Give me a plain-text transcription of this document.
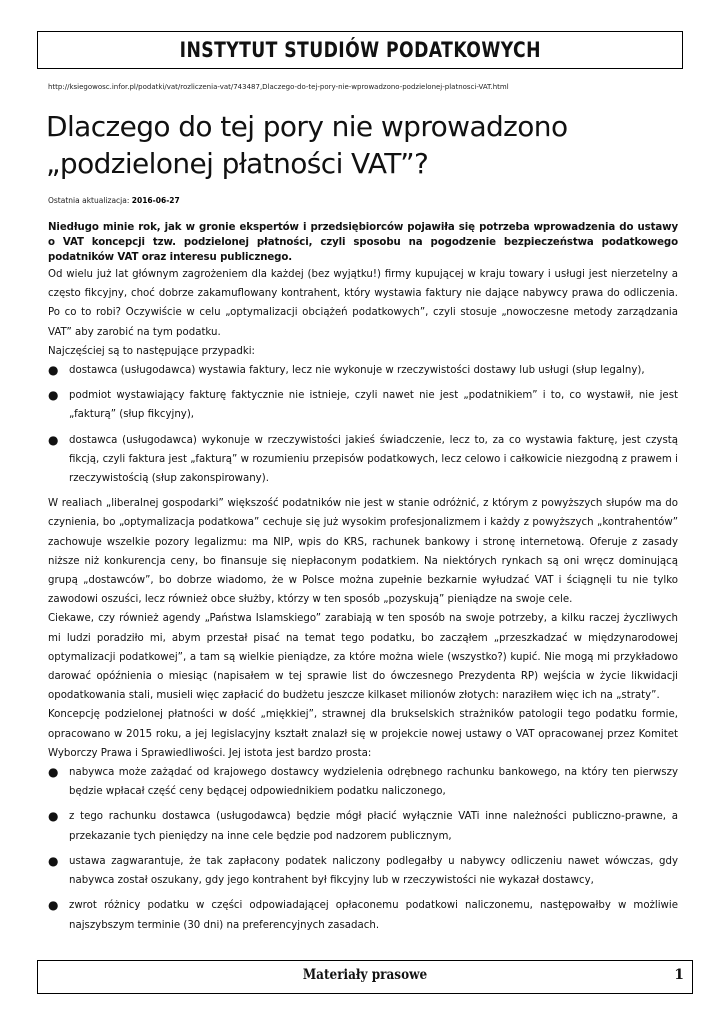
INSTYTUT STUDIÓW PODATKOWYCH
http://ksiegowosc.infor.pl/podatki/vat/rozliczenia-vat/743487,Dlaczego-do-tej-pory-nie-wprowadzono-podzielonej-platnosci-VAT.html
Dlaczego do tej pory nie wprowadzono
„podzielonej płatności VAT”?
Ostatnia aktualizacja: 2016-06-27

Niedługo minie rok, jak w gronie ekspertów i przedsiębiorców pojawiła się potrzeba wprowadzenia do ustawy o VAT koncepcji tzw. podzielonej płatności, czyli sposobu na pogodzenie bezpieczeństwa podatkowego podatników VAT oraz interesu publicznego.

Od wielu już lat głównym zagrożeniem dla każdej (bez wyjątku!) firmy kupującej w kraju towary i usługi jest nierzetelny a często fikcyjny, choć dobrze zakamuflowany kontrahent, który wystawia faktury nie dające nabywcy prawa do odliczenia. Po co to robi? Oczywiście w celu „optymalizacji obciążeń podatkowych”, czyli stosuje „nowoczesne metody zarządzania VAT” aby zarobić na tym podatku.

Najczęściej są to następujące przypadki:

● dostawca (usługodawca) wystawia faktury, lecz nie wykonuje w rzeczywistości dostawy lub usługi (słup legalny),
● podmiot wystawiający fakturę faktycznie nie istnieje, czyli nawet nie jest „podatnikiem” i to, co wystawił, nie jest „fakturą” (słup fikcyjny),
● dostawca (usługodawca) wykonuje w rzeczywistości jakieś świadczenie, lecz to, za co wystawia fakturę, jest czystą fikcją, czyli faktura jest „fakturą” w rozumieniu przepisów podatkowych, lecz celowo i całkowicie niezgodną z prawem i rzeczywistością (słup zakonspirowany).

W realiach „liberalnej gospodarki” większość podatników nie jest w stanie odróżnić, z którym z powyższych słupów ma do czynienia, bo „optymalizacja podatkowa” cechuje się już wysokim profesjonalizmem i każdy z powyższych „kontrahentów” zachowuje wszelkie pozory legalizmu: ma NIP, wpis do KRS, rachunek bankowy i stronę internetową. Oferuje z zasady niższe niż konkurencja ceny, bo finansuje się niepłaconym podatkiem. Na niektórych rynkach są oni wręcz dominującą grupą „dostawców”, bo dobrze wiadomo, że w Polsce można zupełnie bezkarnie wyłudzać VAT i ściągnęli tu nie tylko zawodowi oszuści, lecz również obce służby, którzy w ten sposób „pozyskują” pieniądze na swoje cele.

Ciekawe, czy również agendy „Państwa Islamskiego” zarabiają w ten sposób na swoje potrzeby, a kilku raczej życzliwych mi ludzi poradziło mi, abym przestał pisać na temat tego podatku, bo zacząłem „przeszkadzać w międzynarodowej optymalizacji podatkowej”, a tam są wielkie pieniądze, za które można wiele (wszystko?) kupić. Nie mogą mi przykładowo darować opóźnienia o miesiąc (napisałem w tej sprawie list do ówczesnego Prezydenta RP) wejścia w życie likwidacji opodatkowania stali, musieli więc zapłacić do budżetu jeszcze kilkaset milionów złotych: naraziłem więc ich na „straty”.

Koncepcję podzielonej płatności w dość „miękkiej”, strawnej dla brukselskich strażników patologii tego podatku formie, opracowano w 2015 roku, a jej legislacyjny kształt znalazł się w projekcie nowej ustawy o VAT opracowanej przez Komitet Wyborczy Prawa i Sprawiedliwości. Jej istota jest bardzo prosta:

● nabywca może zażądać od krajowego dostawcy wydzielenia odrębnego rachunku bankowego, na który ten pierwszy będzie wpłacał część ceny będącej odpowiednikiem podatku naliczonego,
● z tego rachunku dostawca (usługodawca) będzie mógł płacić wyłącznie VATi inne należności publiczno-prawne, a przekazanie tych pieniędzy na inne cele będzie pod nadzorem publicznym,
● ustawa zagwarantuje, że tak zapłacony podatek naliczony podlegałby u nabywcy odliczeniu nawet wówczas, gdy nabywca został oszukany, gdy jego kontrahent był fikcyjny lub w rzeczywistości nie wykazał dostawcy,
● zwrot różnicy podatku w części odpowiadającej opłaconemu podatkowi naliczonemu, następowałby w możliwie najszybszym terminie (30 dni) na preferencyjnych zasadach.
Materiały prasowe	1
